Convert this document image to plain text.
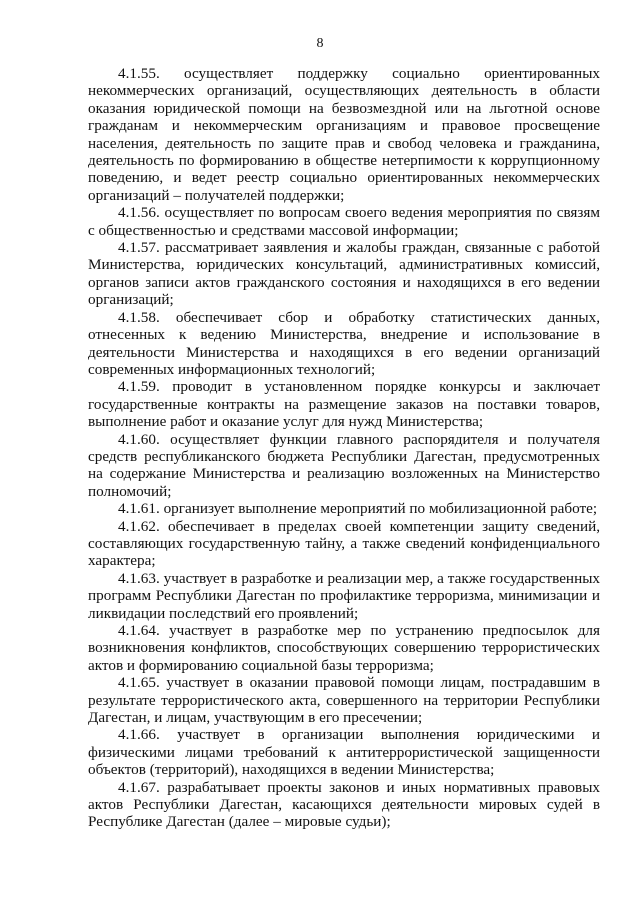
8

4.1.55. осуществляет поддержку социально ориентированных некоммерческих организаций, осуществляющих деятельность в области оказания юридической помощи на безвозмездной или на льготной основе гражданам и некоммерческим организациям и правовое просвещение населения, деятельность по защите прав и свобод человека и гражданина, деятельность по формированию в обществе нетерпимости к коррупционному поведению, и ведет реестр социально ориентированных некоммерческих организаций – получателей поддержки;

4.1.56. осуществляет по вопросам своего ведения мероприятия по связям с общественностью и средствами массовой информации;

4.1.57. рассматривает заявления и жалобы граждан, связанные с работой Министерства, юридических консультаций, административных комиссий, органов записи актов гражданского состояния и находящихся в его ведении организаций;

4.1.58. обеспечивает сбор и обработку статистических данных, отнесенных к ведению Министерства, внедрение и использование в деятельности Министерства и находящихся в его ведении организаций современных информационных технологий;

4.1.59. проводит в установленном порядке конкурсы и заключает государственные контракты на размещение заказов на поставки товаров, выполнение работ и оказание услуг для нужд Министерства;

4.1.60. осуществляет функции главного распорядителя и получателя средств республиканского бюджета Республики Дагестан, предусмотренных на содержание Министерства и реализацию возложенных на Министерство полномочий;

4.1.61. организует выполнение мероприятий по мобилизационной работе;

4.1.62. обеспечивает в пределах своей компетенции защиту сведений, составляющих государственную тайну, а также сведений конфиденциального характера;

4.1.63. участвует в разработке и реализации мер, а также государственных программ Республики Дагестан по профилактике терроризма, минимизации и ликвидации последствий его проявлений;

4.1.64. участвует в разработке мер по устранению предпосылок для возникновения конфликтов, способствующих совершению террористических актов и формированию социальной базы терроризма;

4.1.65. участвует в оказании правовой помощи лицам, пострадавшим в результате террористического акта, совершенного на территории Республики Дагестан, и лицам, участвующим в его пресечении;

4.1.66. участвует в организации выполнения юридическими и физическими лицами требований к антитеррористической защищенности объектов (территорий), находящихся в ведении Министерства;

4.1.67. разрабатывает проекты законов и иных нормативных правовых актов Республики Дагестан, касающихся деятельности мировых судей в Республике Дагестан (далее – мировые судьи);
